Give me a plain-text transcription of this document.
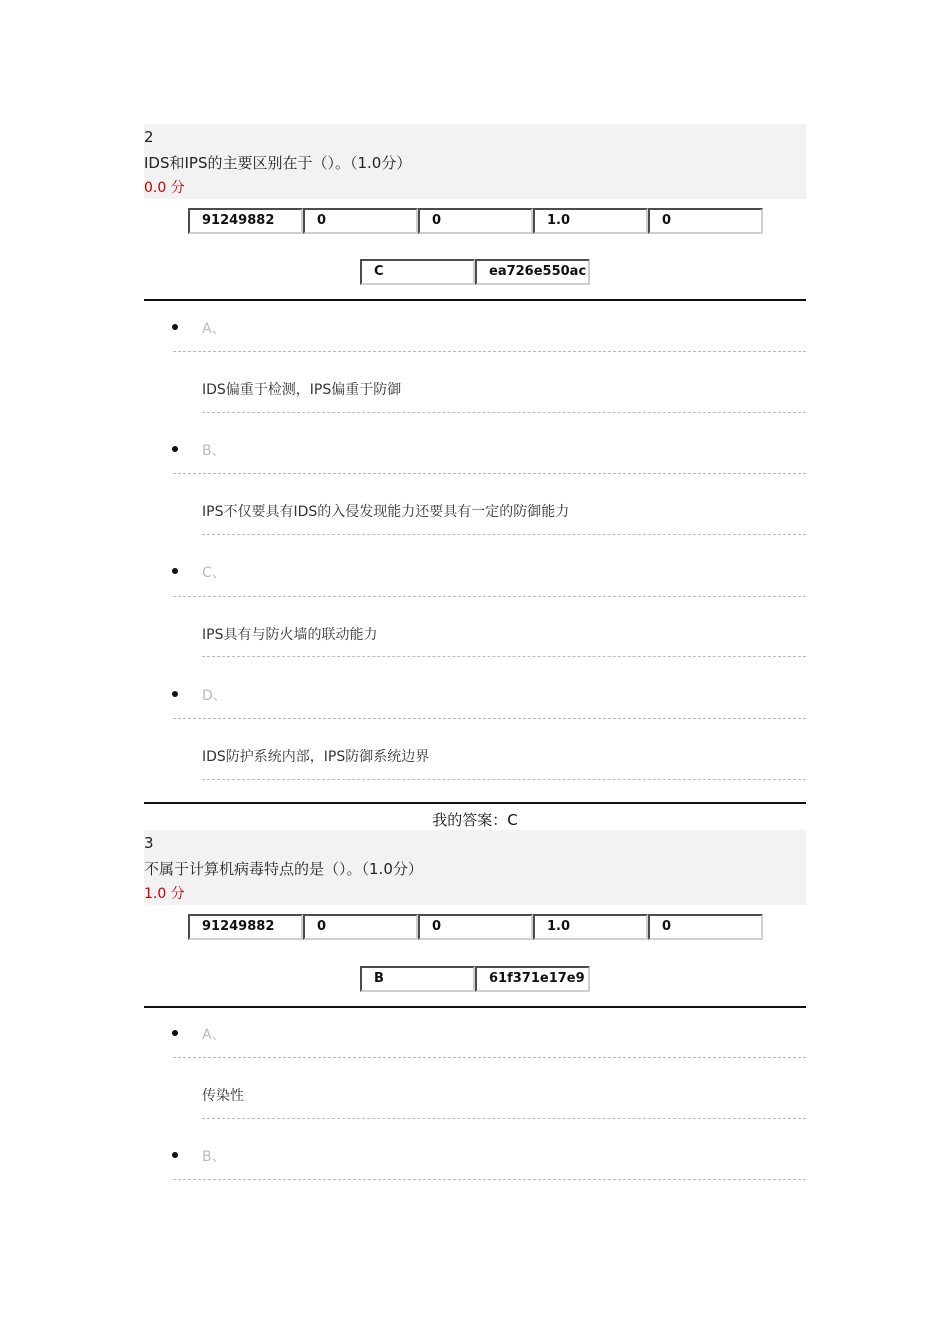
2
IDS和IPS的主要区别在于（）。（1.0分）
0.0 分
91249882	0	0	1.0	0
C	ea726e550ac
A、
IDS偏重于检测，IPS偏重于防御
B、
IPS不仅要具有IDS的入侵发现能力还要具有一定的防御能力
C、
IPS具有与防火墙的联动能力
D、
IDS防护系统内部，IPS防御系统边界
我的答案：C
3
不属于计算机病毒特点的是（）。（1.0分）
1.0 分
91249882	0	0	1.0	0
B	61f371e17e9
A、
传染性
B、
